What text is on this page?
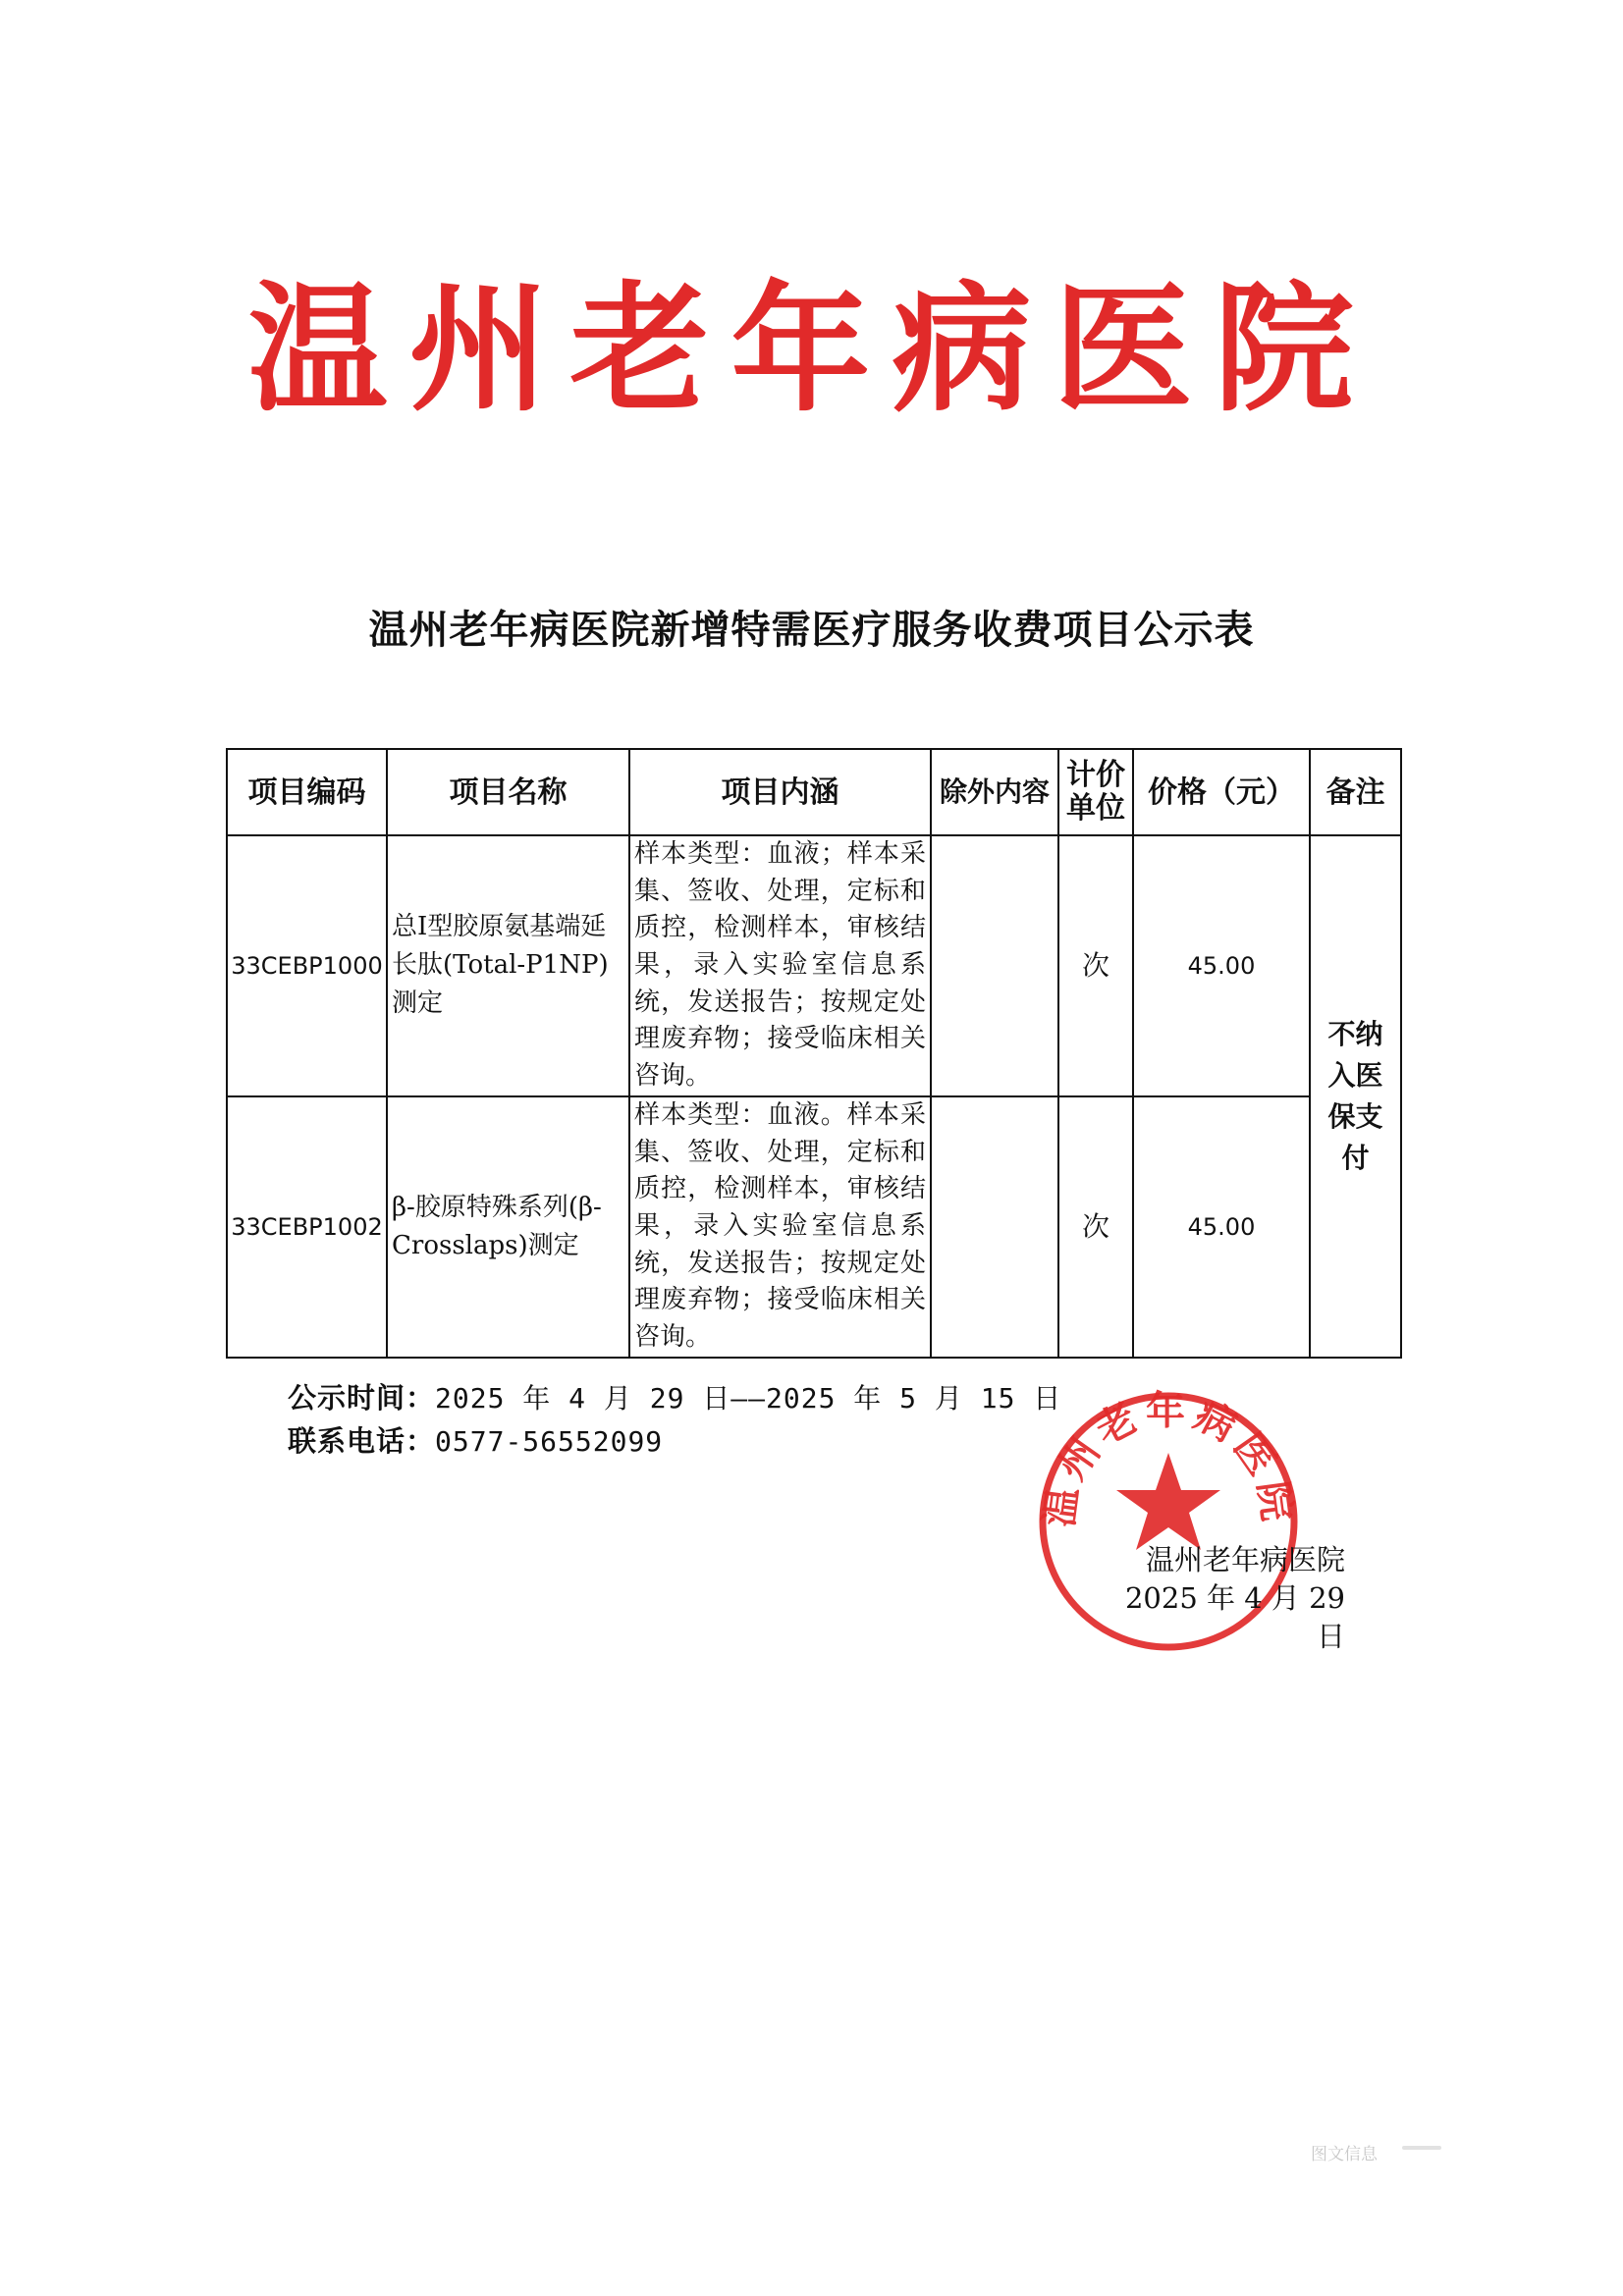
温州老年病医院
温州老年病医院新增特需医疗服务收费项目公示表
项目编码	项目名称	项目内涵	除外内容	计价单位	价格（元）	备注
33CEBP1000	总Ⅰ型胶原氨基端延长肽(Total-P1NP)测定	样本类型：血液；样本采集、签收、处理，定标和质控，检测样本，审核结果，录入实验室信息系统，发送报告；按规定处理废弃物；接受临床相关咨询。		次	45.00	不纳入医保支付
33CEBP1002	β-胶原特殊系列(β-Crosslaps)测定	样本类型：血液。样本采集、签收、处理，定标和质控，检测样本，审核结果，录入实验室信息系统，发送报告；按规定处理废弃物；接受临床相关咨询。		次	45.00	
公示时间：2025 年 4 月 29 日——2025 年 5 月 15 日
联系电话：0577-56552099
温州老年病医院
温州老年病医院
2025 年 4 月 29 日
图文信息
